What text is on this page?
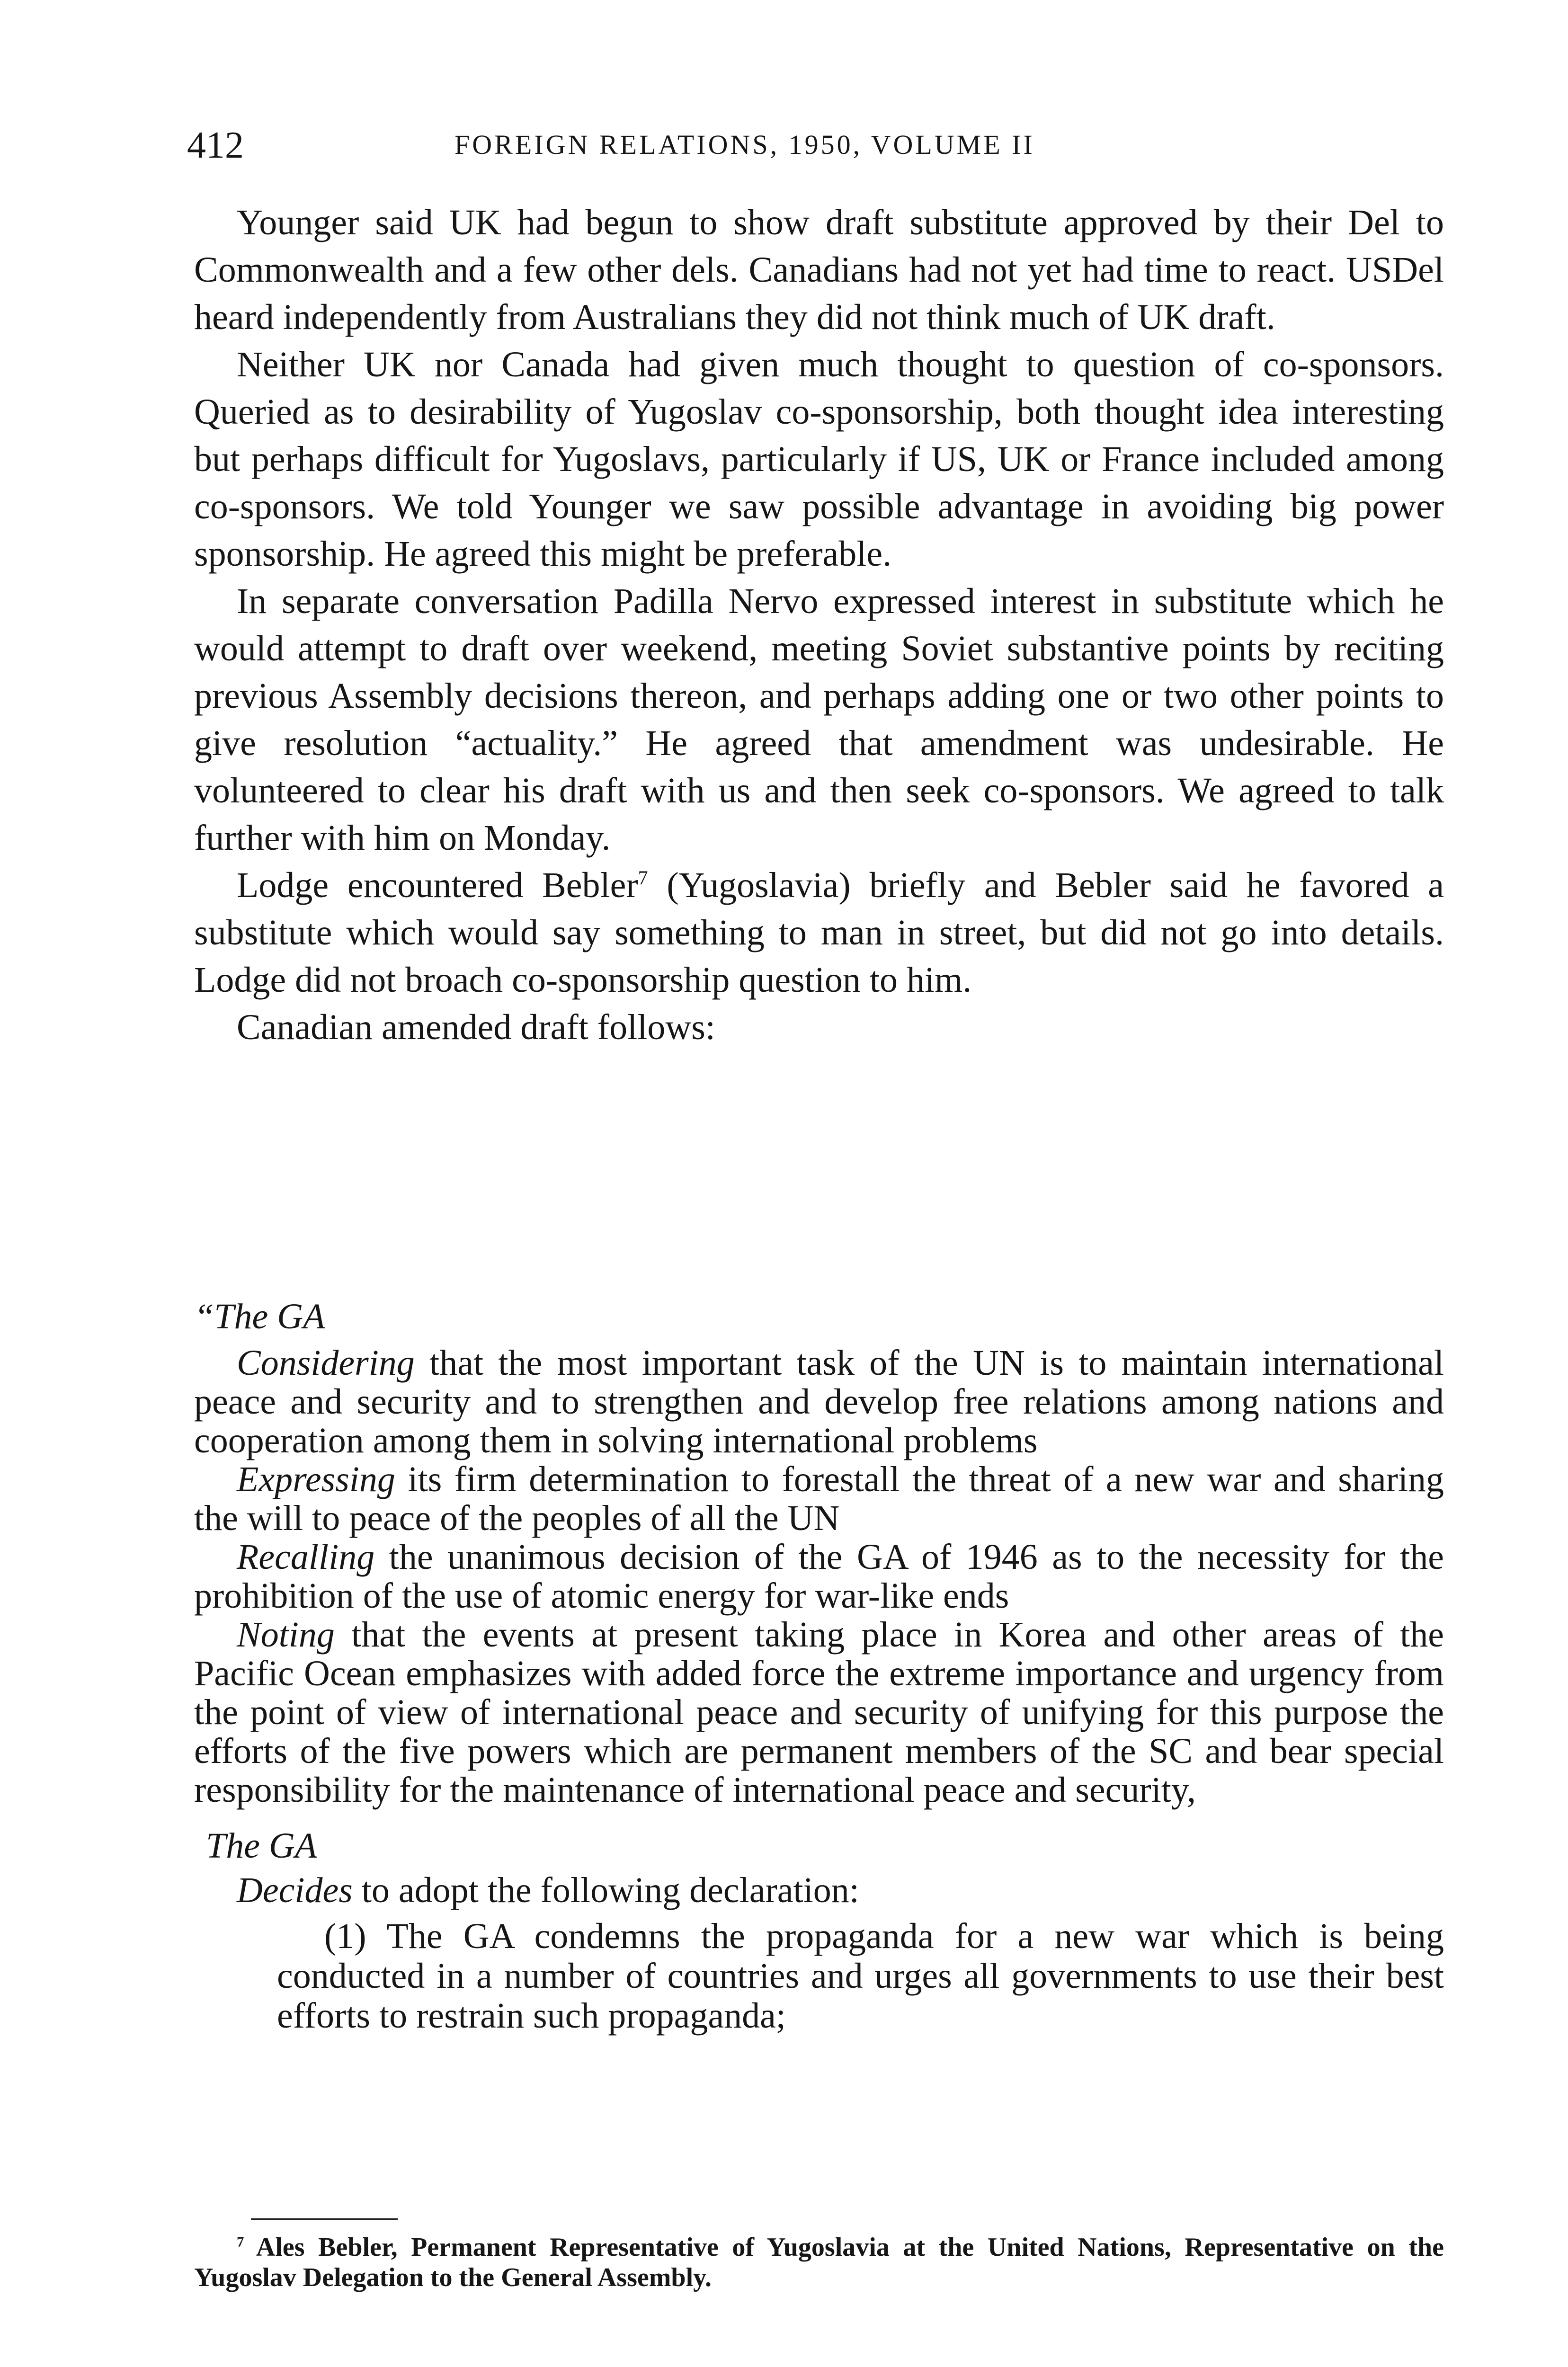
412	FOREIGN RELATIONS, 1950, VOLUME II

Younger said UK had begun to show draft substitute approved by their Del to Commonwealth and a few other dels. Canadians had not yet had time to react. USDel heard independently from Australians they did not think much of UK draft.

Neither UK nor Canada had given much thought to question of co-sponsors. Queried as to desirability of Yugoslav co-sponsorship, both thought idea interesting but perhaps difficult for Yugoslavs, particularly if US, UK or France included among co-sponsors. We told Younger we saw possible advantage in avoiding big power sponsorship. He agreed this might be preferable.

In separate conversation Padilla Nervo expressed interest in substitute which he would attempt to draft over weekend, meeting Soviet substantive points by reciting previous Assembly decisions thereon, and perhaps adding one or two other points to give resolution “actuality.” He agreed that amendment was undesirable. He volunteered to clear his draft with us and then seek co-sponsors. We agreed to talk further with him on Monday.

Lodge encountered Bebler$^7$ (Yugoslavia) briefly and Bebler said he favored a substitute which would say something to man in street, but did not go into details. Lodge did not broach co-sponsorship question to him.

Canadian amended draft follows:

“The GA

Considering that the most important task of the UN is to maintain international peace and security and to strengthen and develop free relations among nations and cooperation among them in solving international problems

Expressing its firm determination to forestall the threat of a new war and sharing the will to peace of the peoples of all the UN

Recalling the unanimous decision of the GA of 1946 as to the necessity for the prohibition of the use of atomic energy for war-like ends

Noting that the events at present taking place in Korea and other areas of the Pacific Ocean emphasizes with added force the extreme importance and urgency from the point of view of international peace and security of unifying for this purpose the efforts of the five powers which are permanent members of the SC and bear special responsibility for the maintenance of international peace and security,

The GA

Decides to adopt the following declaration:

(1) The GA condemns the propaganda for a new war which is being conducted in a number of countries and urges all governments to use their best efforts to restrain such propaganda;

$^7$ Ales Bebler, Permanent Representative of Yugoslavia at the United Nations, Representative on the Yugoslav Delegation to the General Assembly.
